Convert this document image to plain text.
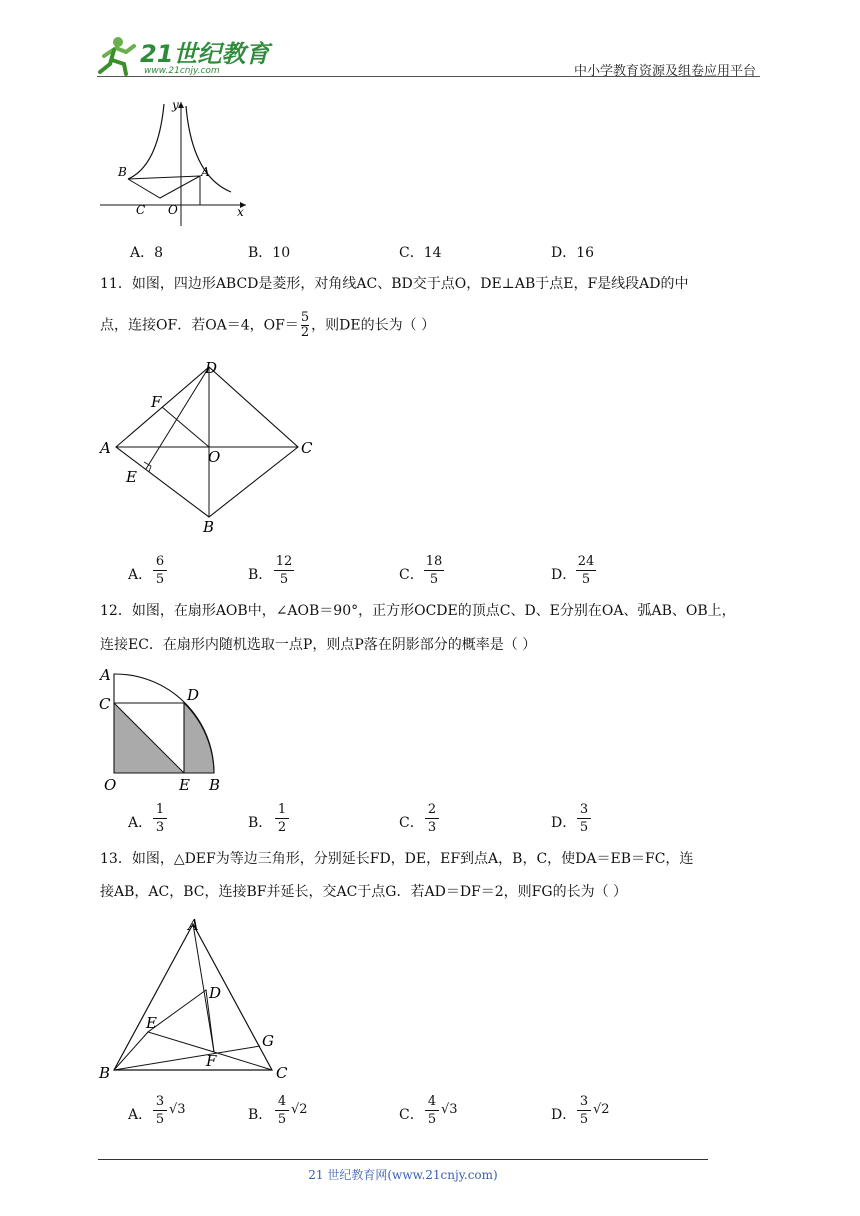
21世纪教育
www.21cnjy.com	中小学教育资源及组卷应用平台
y
x
B	A
C O
A．8	B．10	C．14	D．16
11．如图，四边形ABCD是菱形，对角线AC、BD交于点O，DE⊥AB于点E，F是线段AD的中
点，连接OF．若OA＝4，$OF= \frac{5}{2}$ ，则DE的长为（ ）
D
F
A	O	C
E
B
A．
6
5	B．
12
5	C．
18
5	D．
24
5
12．如图，在扇形AOB中，∠AOB＝90°，正方形OCDE的顶点C、D、E分别在OA、弧AB、OB上，
连接EC．在扇形内随机选取一点P，则点P落在阴影部分的概率是（ ）
A
D
C
O	E B
A．
1
3	B．
1
2	C．
2
3	D．
3
5
13．如图，△DEF为等边三角形，分别延长FD，DE，EF到点A，B，C，使DA＝EB＝FC，连
接AB，AC，BC，连接BF并延长，交AC于点G．若AD＝DF＝2，则FG的长为（ ）
A
D
E
G
F
B	C
A．
3
5
√3	B．
4
5
√2	C．
4
5
√3	D．
3
5
√2
21 世纪教育网(www.21cnjy.com)
